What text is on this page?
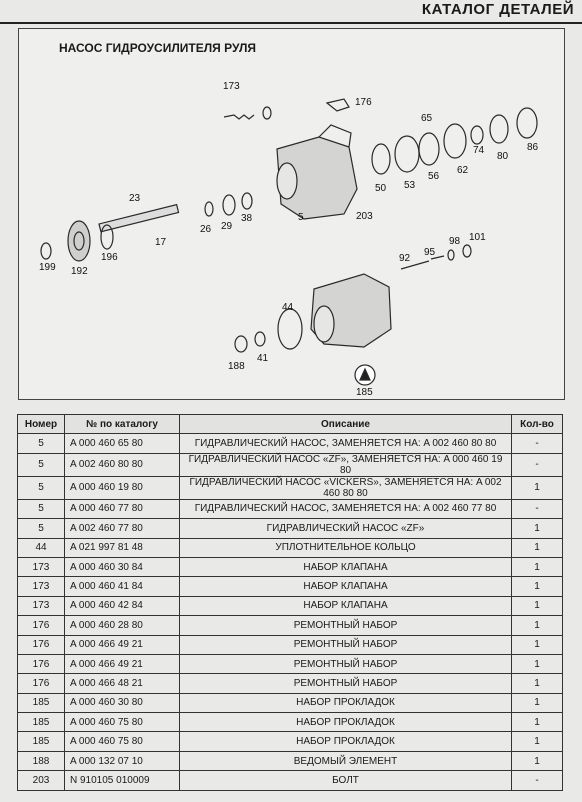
КАТАЛОГ ДЕТАЛЕЙ
НАСОС ГИДРОУСИЛИТЕЛЯ РУЛЯ
173
176
65
23
5	203
50 53
56
62
74
80
86
199 192
196
17
26 29
38
92
95
98 101
44
188
41
185
Номер	№ по каталогу	Описание	Кол-во
5	A 000 460 65 80	ГИДРАВЛИЧЕСКИЙ НАСОС, ЗАМЕНЯЕТСЯ НА: A 002 460 80 80	-
5	A 002 460 80 80	ГИДРАВЛИЧЕСКИЙ НАСОС «ZF», ЗАМЕНЯЕТСЯ НА: A 000 460 19 80	-
5	A 000 460 19 80	ГИДРАВЛИЧЕСКИЙ НАСОС «VICKERS», ЗАМЕНЯЕТСЯ НА: A 002 460 80 80	1
5	A 000 460 77 80	ГИДРАВЛИЧЕСКИЙ НАСОС, ЗАМЕНЯЕТСЯ НА: A 002 460 77 80	-
5	A 002 460 77 80	ГИДРАВЛИЧЕСКИЙ НАСОС «ZF»	1
44	A 021 997 81 48	УПЛОТНИТЕЛЬНОЕ КОЛЬЦО	1
173	A 000 460 30 84	НАБОР КЛАПАНА	1
173	A 000 460 41 84	НАБОР КЛАПАНА	1
173	A 000 460 42 84	НАБОР КЛАПАНА	1
176	A 000 460 28 80	РЕМОНТНЫЙ НАБОР	1
176	A 000 466 49 21	РЕМОНТНЫЙ НАБОР	1
176	A 000 466 49 21	РЕМОНТНЫЙ НАБОР	1
176	A 000 466 48 21	РЕМОНТНЫЙ НАБОР	1
185	A 000 460 30 80	НАБОР ПРОКЛАДОК	1
185	A 000 460 75 80	НАБОР ПРОКЛАДОК	1
185	A 000 460 75 80	НАБОР ПРОКЛАДОК	1
188	A 000 132 07 10	ВЕДОМЫЙ ЭЛЕМЕНТ	1
203	N 910105 010009	БОЛТ	-
